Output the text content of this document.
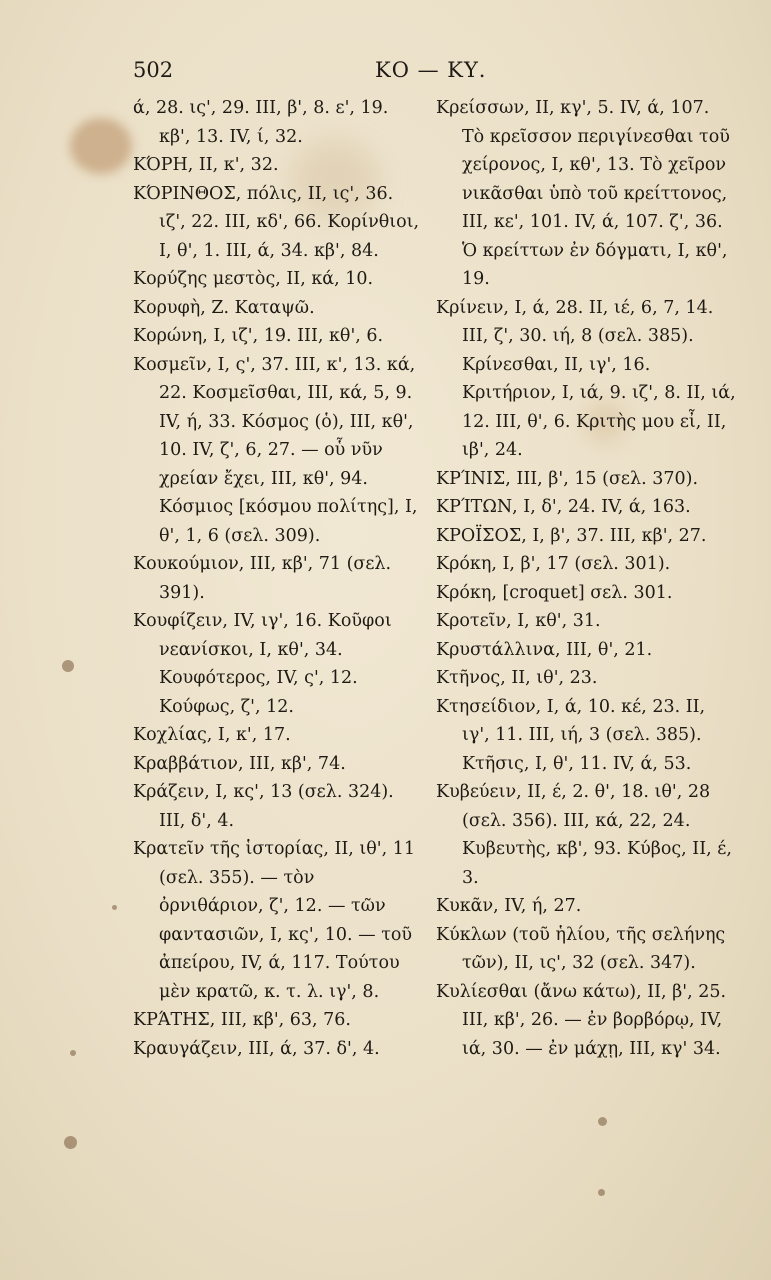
502	ΚΟ — ΚΥ.

ά, 28. ις', 29. III, β', 8. ε', 19. κβ', 13. IV, ί, 32.

ΚΌΡΗ, II, κ', 32.

ΚΌΡΙΝΘΟΣ, πόλις, II, ις', 36. ιζ', 22. III, κδ', 66. Κορίνθιοι, I, θ', 1. III, ά, 34. κβ', 84.

Κορύζης μεστὸς, II, κά, 10.

Κορυφὴ, Ζ. Καταψῶ.

Κορώνη, I, ιζ', 19. III, κθ', 6.

Κοσμεῖν, I, ς', 37. III, κ', 13. κά, 22. Κοσμεῖσθαι, III, κά, 5, 9. IV, ή, 33. Κόσμος (ὁ), III, κθ', 10. IV, ζ', 6, 27. — οὗ νῦν χρείαν ἔχει, III, κθ', 94. Κόσμιος [κόσμου πολίτης], I, θ', 1, 6 (σελ. 309).

Κουκούμιον, III, κβ', 71 (σελ. 391).

Κουφίζειν, IV, ιγ', 16. Κοῦφοι νεανίσκοι, I, κθ', 34. Κουφότερος, IV, ς', 12. Κούφως, ζ', 12.

Κοχλίας, I, κ', 17.

Κραββάτιον, III, κβ', 74.

Κράζειν, I, κς', 13 (σελ. 324). III, δ', 4.

Κρατεῖν τῆς ἱστορίας, II, ιθ', 11 (σελ. 355). — τὸν ὀρνιθάριον, ζ', 12. — τῶν φαντασιῶν, I, κς', 10. — τοῦ ἀπείρου, IV, ά, 117. Τούτου μὲν κρατῶ, κ. τ. λ. ιγ', 8.

ΚΡΆΤΗΣ, III, κβ', 63, 76.

Κραυγάζειν, III, ά, 37. δ', 4.

Κρείσσων, II, κγ', 5. IV, ά, 107. Τὸ κρεῖσσον περιγίνεσθαι τοῦ χείρονος, I, κθ', 13. Τὸ χεῖρον νικᾶσθαι ὑπὸ τοῦ κρείττονος, III, κε', 101. IV, ά, 107. ζ', 36. Ὁ κρείττων ἐν δόγματι, I, κθ', 19.

Κρίνειν, I, ά, 28. II, ιέ, 6, 7, 14. III, ζ', 30. ιή, 8 (σελ. 385). Κρίνεσθαι, II, ιγ', 16. Κριτήριον, I, ιά, 9. ιζ', 8. II, ιά, 12. III, θ', 6. Κριτὴς μου εἶ, II, ιβ', 24.

ΚΡΊΝΙΣ, III, β', 15 (σελ. 370).

ΚΡΊΤΩΝ, I, δ', 24. IV, ά, 163.

ΚΡΟΪΣΟΣ, I, β', 37. III, κβ', 27.

Κρόκη, I, β', 17 (σελ. 301).

Κρόκη, [croquet] σελ. 301.

Κροτεῖν, I, κθ', 31.

Κρυστάλλινα, III, θ', 21.

Κτῆνος, II, ιθ', 23.

Κτησείδιον, I, ά, 10. κέ, 23. II, ιγ', 11. III, ιή, 3 (σελ. 385). Κτῆσις, I, θ', 11. IV, ά, 53.

Κυβεύειν, II, έ, 2. θ', 18. ιθ', 28 (σελ. 356). III, κά, 22, 24. Κυβευτὴς, κβ', 93. Κύβος, II, έ, 3.

Κυκᾶν, IV, ή, 27.

Κύκλων (τοῦ ἡλίου, τῆς σελήνης τῶν), II, ις', 32 (σελ. 347).

Κυλίεσθαι (ἄνω κάτω), II, β', 25. III, κβ', 26. — ἐν βορβόρῳ, IV, ιά, 30. — ἐν μάχῃ, III, κγ' 34.
